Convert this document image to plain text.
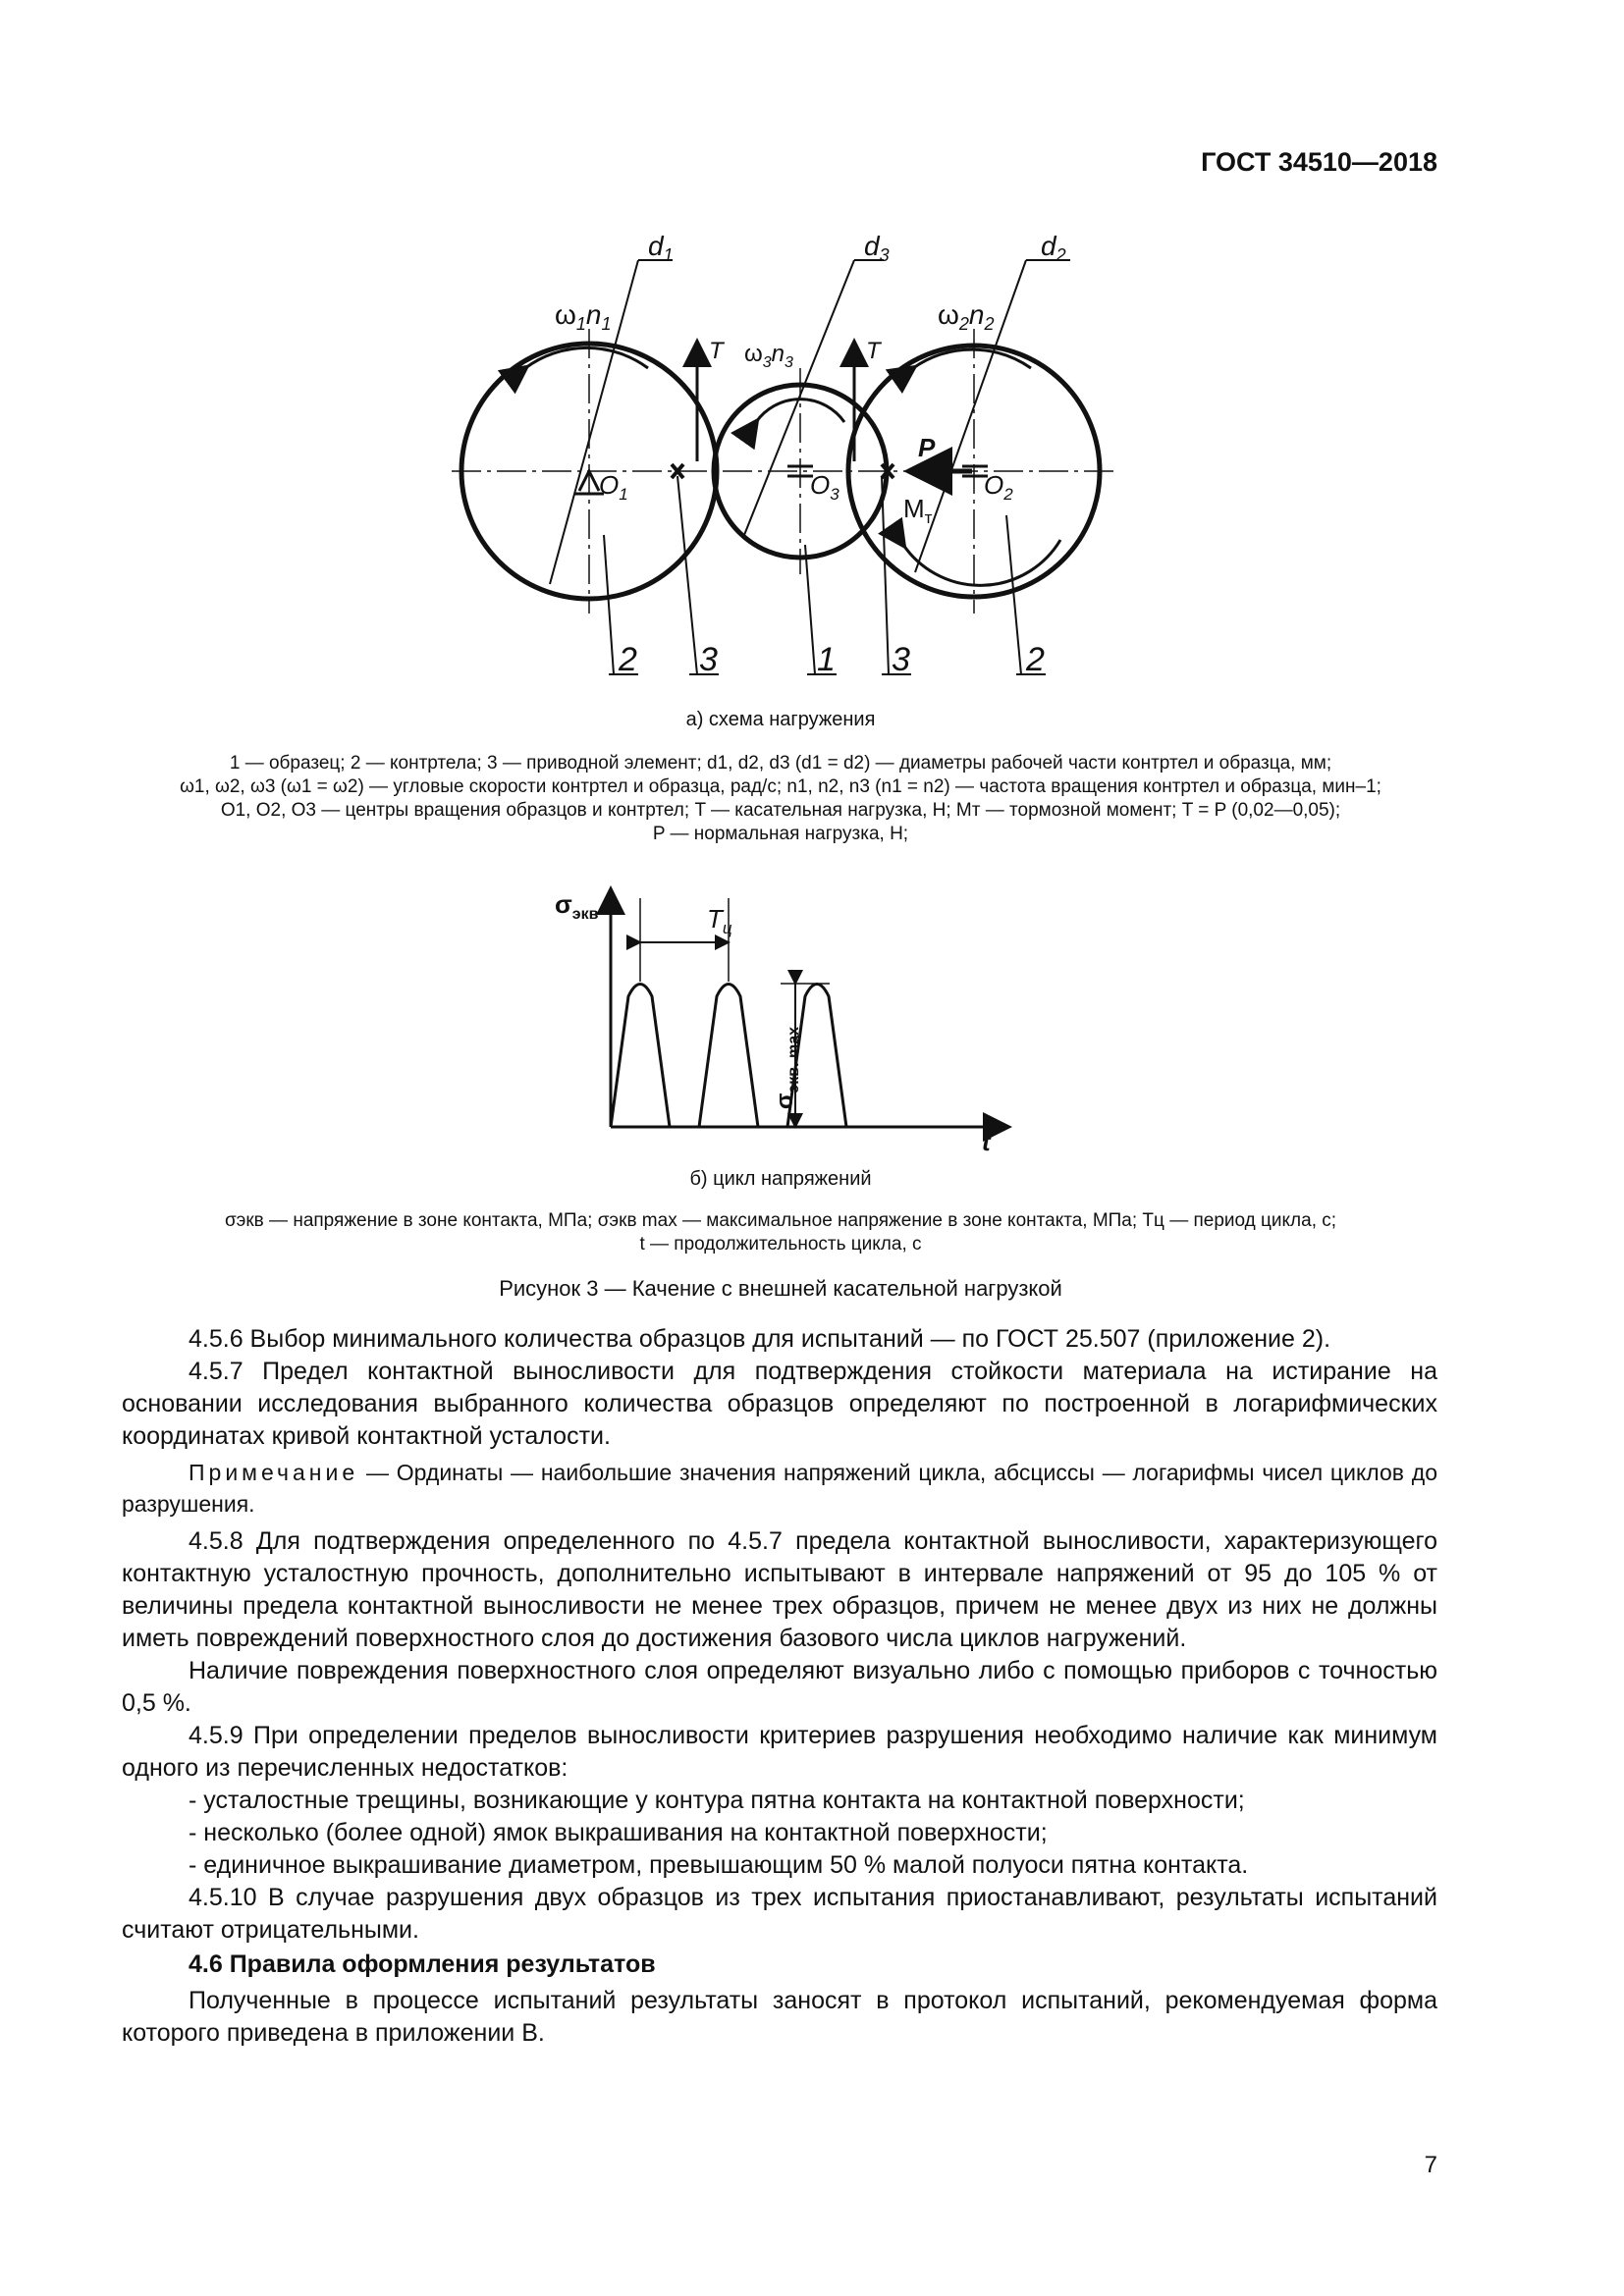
ГОСТ 34510—2018
$d_1$	$d_3$	$d_2$
$\omega_1n_1$
$\omega_3n_3$
$\omega_2n_2$
T	T
P
$М_т$
$O_1$	$O_3$	$O_2$
2 3	1 3	2
а) схема нагружения
1 — образец; 2 — контртела; 3 — приводной элемент; d1, d2, d3 (d1 = d2) — диаметры рабочей части контртел и образца, мм;
ω1, ω2, ω3 (ω1 = ω2) — угловые скорости контртел и образца, рад/с; n1, n2, n3 (n1 = n2) — частота вращения контртел и образца, мин–1;
O1, O2, O3 — центры вращения образцов и контртел; T — касательная нагрузка, Н; Мт — тормозной момент; T = P (0,02—0,05);
P — нормальная нагрузка, Н;
$\sigma_{экв}$
t
$T_ц$
$\sigma_{экв. max}$
б) цикл напряжений
σэкв — напряжение в зоне контакта, МПа; σэкв max — максимальное напряжение в зоне контакта, МПа; Tц — период цикла, с;
t — продолжительность цикла, с
Рисунок 3 — Качение с внешней касательной нагрузкой

4.5.6 Выбор минимального количества образцов для испытаний — по ГОСТ 25.507 (приложение 2).

4.5.7 Предел контактной выносливости для подтверждения стойкости материала на истирание на основании исследования выбранного количества образцов определяют по построенной в логарифмических координатах кривой контактной усталости.

Примечание — Ординаты — наибольшие значения напряжений цикла, абсциссы — логарифмы чисел циклов до разрушения.

4.5.8 Для подтверждения определенного по 4.5.7 предела контактной выносливости, характеризующего контактную усталостную прочность, дополнительно испытывают в интервале напряжений от 95 до 105 % от величины предела контактной выносливости не менее трех образцов, причем не менее двух из них не должны иметь повреждений поверхностного слоя до достижения базового числа циклов нагружений.

Наличие повреждения поверхностного слоя определяют визуально либо с помощью приборов с точностью 0,5 %.

4.5.9 При определении пределов выносливости критериев разрушения необходимо наличие как минимум одного из перечисленных недостатков:

- усталостные трещины, возникающие у контура пятна контакта на контактной поверхности;

- несколько (более одной) ямок выкрашивания на контактной поверхности;

- единичное выкрашивание диаметром, превышающим 50 % малой полуоси пятна контакта.

4.5.10 В случае разрушения двух образцов из трех испытания приостанавливают, результаты испытаний считают отрицательными.

4.6 Правила оформления результатов

Полученные в процессе испытаний результаты заносят в протокол испытаний, рекомендуемая форма которого приведена в приложении В.

7
